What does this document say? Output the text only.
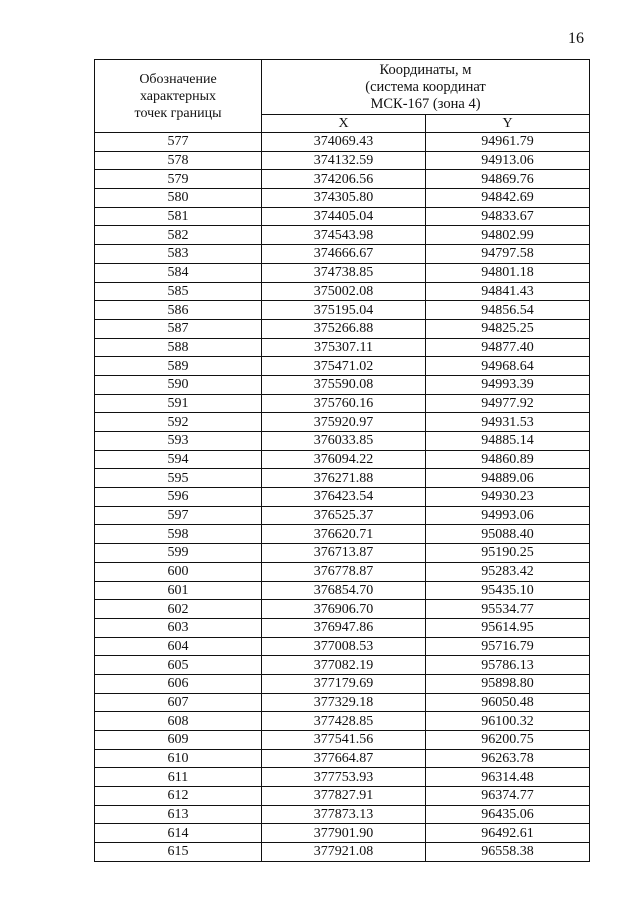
16
Обозначение
характерных
точек границы	Координаты, м
(система координат
МСК-167 (зона 4)	

	X	Y
577	374069.43	94961.79
578	374132.59	94913.06
579	374206.56	94869.76
580	374305.80	94842.69
581	374405.04	94833.67
582	374543.98	94802.99
583	374666.67	94797.58
584	374738.85	94801.18
585	375002.08	94841.43
586	375195.04	94856.54
587	375266.88	94825.25
588	375307.11	94877.40
589	375471.02	94968.64
590	375590.08	94993.39
591	375760.16	94977.92
592	375920.97	94931.53
593	376033.85	94885.14
594	376094.22	94860.89
595	376271.88	94889.06
596	376423.54	94930.23
597	376525.37	94993.06
598	376620.71	95088.40
599	376713.87	95190.25
600	376778.87	95283.42
601	376854.70	95435.10
602	376906.70	95534.77
603	376947.86	95614.95
604	377008.53	95716.79
605	377082.19	95786.13
606	377179.69	95898.80
607	377329.18	96050.48
608	377428.85	96100.32
609	377541.56	96200.75
610	377664.87	96263.78
611	377753.93	96314.48
612	377827.91	96374.77
613	377873.13	96435.06
614	377901.90	96492.61
615	377921.08	96558.38
